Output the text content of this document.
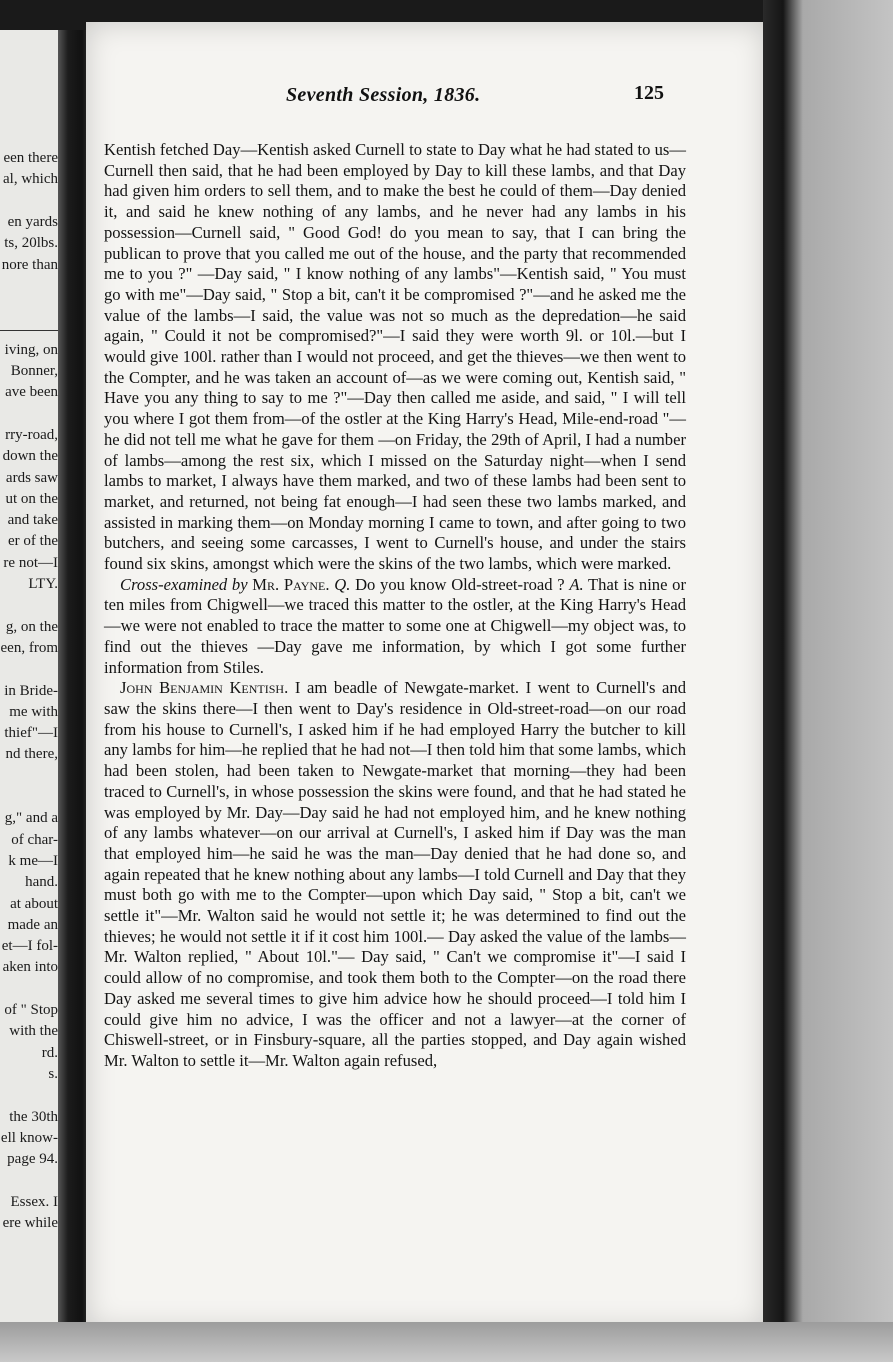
een there
al, which
en yards
ts, 20lbs.
nore than
iving, on
Bonner,
ave been
rry-road,
down the
ards saw
ut on the
and take
er of the
re not—I
LTY.
g, on the
een, from
in Bride-
me with
thief"—I
nd there,
g," and a
of char-
k me—I
hand.
at about
made an
et—I fol-
aken into
of " Stop
with the
rd.
s.
the 30th
ell know-
page 94.
Essex. I
ere while
Seventh Session, 1836.	125

Kentish fetched Day—Kentish asked Curnell to state to Day what he had stated to us—Curnell then said, that he had been employed by Day to kill these lambs, and that Day had given him orders to sell them, and to make the best he could of them—Day denied it, and said he knew nothing of any lambs, and he never had any lambs in his possession—Curnell said, " Good God! do you mean to say, that I can bring the publican to prove that you called me out of the house, and the party that recommended me to you ?" —Day said, " I know nothing of any lambs"—Kentish said, " You must go with me"—Day said, " Stop a bit, can't it be compromised ?"—and he asked me the value of the lambs—I said, the value was not so much as the depredation—he said again, " Could it not be compromised?"—I said they were worth 9l. or 10l.—but I would give 100l. rather than I would not proceed, and get the thieves—we then went to the Compter, and he was taken an account of—as we were coming out, Kentish said, " Have you any thing to say to me ?"—Day then called me aside, and said, " I will tell you where I got them from—of the ostler at the King Harry's Head, Mile-end-road "—he did not tell me what he gave for them —on Friday, the 29th of April, I had a number of lambs—among the rest six, which I missed on the Saturday night—when I send lambs to market, I always have them marked, and two of these lambs had been sent to market, and returned, not being fat enough—I had seen these two lambs marked, and assisted in marking them—on Monday morning I came to town, and after going to two butchers, and seeing some carcasses, I went to Curnell's house, and under the stairs found six skins, amongst which were the skins of the two lambs, which were marked.

Cross-examined by Mr. Payne. Q. Do you know Old-street-road ? A. That is nine or ten miles from Chigwell—we traced this matter to the ostler, at the King Harry's Head—we were not enabled to trace the matter to some one at Chigwell—my object was, to find out the thieves —Day gave me information, by which I got some further information from Stiles.

John Benjamin Kentish. I am beadle of Newgate-market. I went to Curnell's and saw the skins there—I then went to Day's residence in Old-street-road—on our road from his house to Curnell's, I asked him if he had employed Harry the butcher to kill any lambs for him—he replied that he had not—I then told him that some lambs, which had been stolen, had been taken to Newgate-market that morning—they had been traced to Curnell's, in whose possession the skins were found, and that he had stated he was employed by Mr. Day—Day said he had not employed him, and he knew nothing of any lambs whatever—on our arrival at Curnell's, I asked him if Day was the man that employed him—he said he was the man—Day denied that he had done so, and again repeated that he knew nothing about any lambs—I told Curnell and Day that they must both go with me to the Compter—upon which Day said, " Stop a bit, can't we settle it"—Mr. Walton said he would not settle it; he was determined to find out the thieves; he would not settle it if it cost him 100l.— Day asked the value of the lambs—Mr. Walton replied, " About 10l."— Day said, " Can't we compromise it"—I said I could allow of no compromise, and took them both to the Compter—on the road there Day asked me several times to give him advice how he should proceed—I told him I could give him no advice, I was the officer and not a lawyer—at the corner of Chiswell-street, or in Finsbury-square, all the parties stopped, and Day again wished Mr. Walton to settle it—Mr. Walton again refused,
